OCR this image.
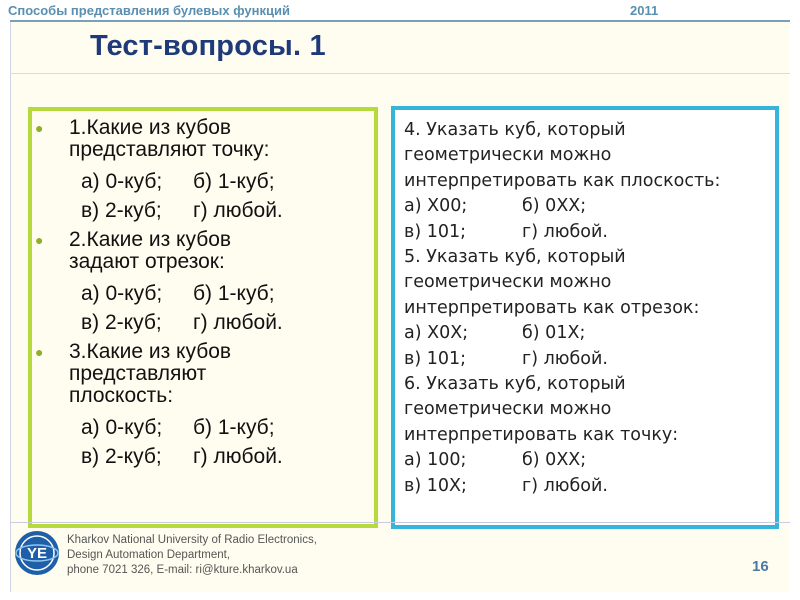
Способы представления булевых функций	2011
Тест-вопросы. 1
● 1.Какие из кубов
представляют точку:
а) 0-куб; б) 1-куб;
в) 2-куб; г) любой.
● 2.Какие из кубов
задают отрезок:
а) 0-куб; б) 1-куб;
в) 2-куб; г) любой.
● 3.Какие из кубов
представляют
плоскость:
а) 0-куб; б) 1-куб;
в) 2-куб; г) любой.
4. Указать куб, который
геометрически можно
интерпретировать как плоскость:
а) X00;	б) 0XX;
в) 101;	г) любой.
5. Указать куб, который
геометрически можно
интерпретировать как отрезок:
а) X0X;	б) 01X;
в) 101;	г) любой.
6. Указать куб, который
геометрически можно
интерпретировать как точку:
а) 100;	б) 0XX;
в) 10X;	г) любой.
YE
Kharkov National University of Radio Electronics,
Design Automation Department,
phone 7021 326, E-mail: ri@kture.kharkov.ua	16
